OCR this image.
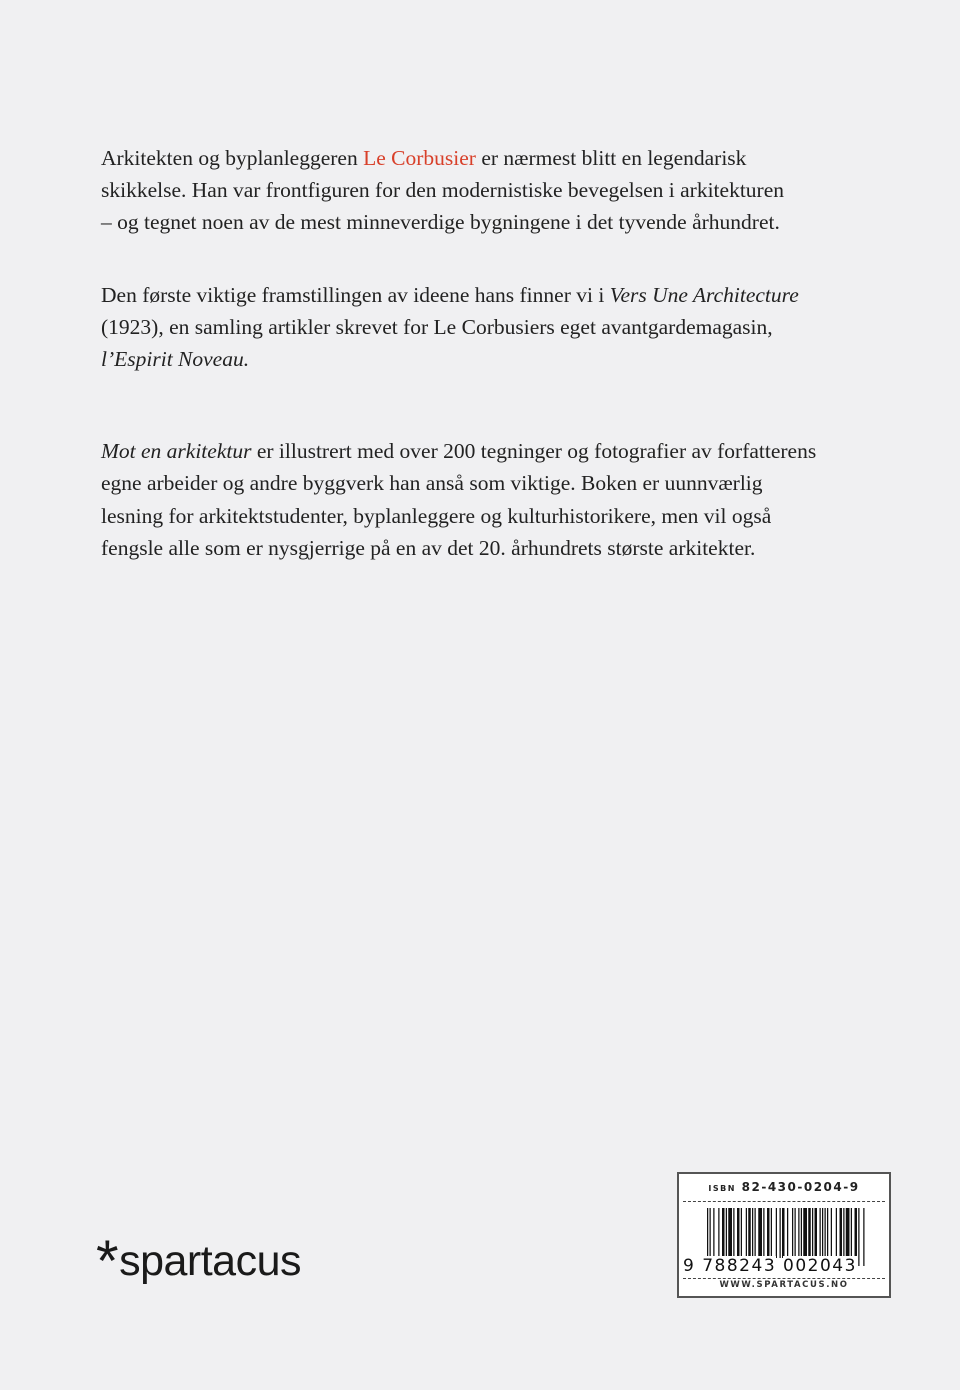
Arkitekten og byplanleggeren Le Corbusier er nærmest blitt en legendarisk
skikkelse. Han var frontfiguren for den modernistiske bevegelsen i arkitekturen
– og tegnet noen av de mest minneverdige bygningene i det tyvende århundret.
Den første viktige framstillingen av ideene hans finner vi i Vers Une Architecture
(1923), en samling artikler skrevet for Le Corbusiers eget avantgardemagasin,
l’Espirit Noveau.
Mot en arkitektur er illustrert med over 200 tegninger og fotografier av forfatterens
egne arbeider og andre byggverk han anså som viktige. Boken er uunnværlig
lesning for arkitektstudenter, byplanleggere og kulturhistorikere, men vil også
fengsle alle som er nysgjerrige på en av det 20. århundrets største arkitekter.
*spartacus
ISBN 82-430-0204-9
9 788243 002043
WWW.SPARTACUS.NO
